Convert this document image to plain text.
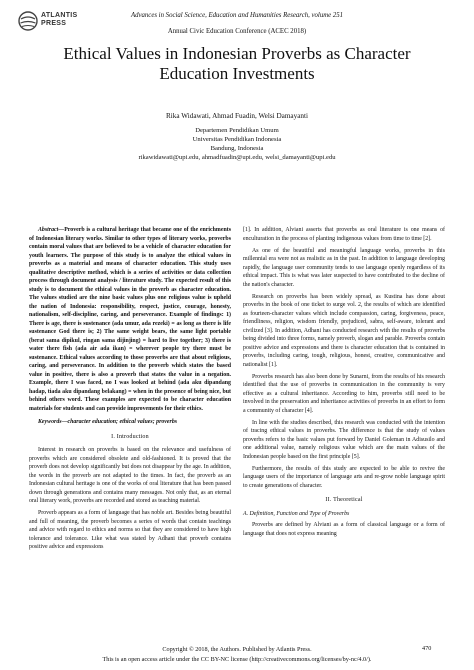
ATLANTIS
PRESS
Advances in Social Science, Education and Humanities Research, volume 251
Annual Civic Education Conference (ACEC 2018)
Ethical Values in Indonesian Proverbs as Character
Education Investments
Rika Widawati, Ahmad Fuadin, Welsi Damayanti
Departemen Pendidikan Umum
Universitas Pendidikan Indonesia
Bandung, Indonesia
rikawidawati@upi.edu, ahmadfuadin@upi.edu, welsi_damayanti@upi.edu

Abstract—Proverb is a cultural heritage that became one of the enrichments of Indonesian literary works. Similar to other types of literary works, proverbs contain moral values that are believed to be a vehicle of character education for youth learners. The purpose of this study is to analyze the ethical values in proverbs as a material and means of character education. This study uses qualitative descriptive method, which is a series of activities or data collection process through document analysis / literature study. The expected result of this study is to document the ethical values in the proverb as character education. The values studied are the nine basic values plus one religious value is upheld the nation of Indonesia: responsibility, respect, justice, courage, honesty, nationalism, self-discipline, caring, and perseverance. Example of findings: 1) There is age, there is sustenance (ada umur, ada rezeki) = as long as there is life sustenance God there is; 2) The same weight bears, the same light portable (berat sama dipikul, ringan sama dijinjing) = hard to live together; 3) there is water there fish (ada air ada ikan) = wherever people try there must be sustenance. Ethical values according to those proverbs are that about religious, caring, and perseverance. In addition to the proverb which states the based value in positive, there is also a proverb that states the value in a negation. Example, there I was faced, no I was looked at behind (ada aku dipandang hadap, tiada aku dipandang belakang) = when in the presence of being nice, but behind others word. These examples are expected to be character education materials for students and can provide improvements for their ethics.

Keywords—character education; ethical values; proverbs

I. Introduction

Interest in research on proverbs is based on the relevance and usefulness of proverbs which are considered obsolete and old-fashioned. It is proved that the proverb does not develop significantly but does not disappear by the age. In addition, the words in the proverb are not adapted to the times. In fact, the proverb as an Indonesian cultural heritage is one of the works of oral literature that has been passed down through generations and contains many messages. Not only that, as an eternal oral literary work, proverbs are recorded and stored as teaching material.

Proverb appears as a form of language that has noble art. Besides being beautiful and full of meaning, the proverb becomes a series of words that contain teachings and advice with regard to ethics and norms so that they are considered to have high tolerance and tolerance. Like what was stated by Adhani that proverb contains positive advice and expressions

[1]. In addition, Alviani asserts that proverbs as oral literature is one means of enculturation in the process of planting indigenous values from time to time [2].

As one of the beautiful and meaningful language works, proverbs in this millennial era were not as realistic as in the past. In addition to language developing rapidly, the language user community tends to use language openly regardless of its ethical impact. This is what was later suspected to have contributed to the decline of the nation's character.

Research on proverbs has been widely spread, as Kustina has done about proverbs in the book of one ticket to surge vol. 2, the results of which are identified as fourteen-character values which include compassion, caring, forgiveness, peace, friendliness, religion, wisdom friendly, prejudiced, sabra, self-aware, tolerant and civilized [3]. In addition, Adhani has conducted research with the results of proverbs being divided into three forms, namely proverb, slogan and parable. Proverbs contain positive advice and expressions and there is character education that is contained in proverbs, including caring, tough, religious, honest, creative, communicative and nationalist [1].

Proverbs research has also been done by Sunarni, from the results of his research identified that the use of proverbs in communication in the community is very effective as a cultural inheritance. According to him, proverbs still need to be involved in the preservation and inheritance activities of proverbs in an effort to form a community of character [4].

In line with the studies described, this research was conducted with the intention of tracing ethical values in proverbs. The difference is that the study of values proverbs refers to the basic values put forward by Daniel Goleman in Adisusilo and one additional value, namely religious value which are the main values of the Indonesian people based on the first principle [5].

Furthermore, the results of this study are expected to be able to revive the language users of the importance of language arts and re-grow noble language spirit to create generations of character.

II. Theoretical
A. Definition, Function and Type of Proverbs

Proverbs are defined by Alviani as a form of classical language or a form of language that does not express meaning

Copyright © 2018, the Authors. Published by Atlantis Press.
This is an open access article under the CC BY-NC license (http://creativecommons.org/licenses/by-nc/4.0/).
470
